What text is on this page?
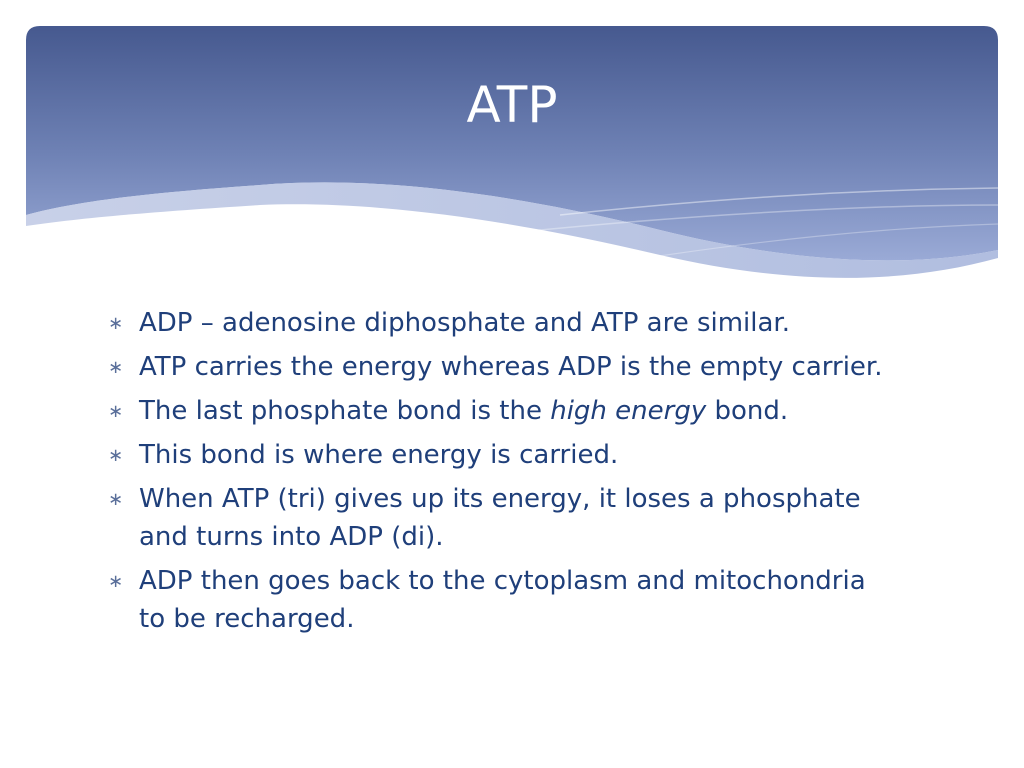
ATP
∗ ADP – adenosine diphosphate and ATP are similar.
∗ ATP carries the energy whereas ADP is the empty carrier.
∗ The last phosphate bond is the high energy bond.
∗ This bond is where energy is carried.
∗ When ATP (tri) gives up its energy, it loses a phosphate and turns into ADP (di).
∗ ADP then goes back to the cytoplasm and mitochondria to be recharged.
